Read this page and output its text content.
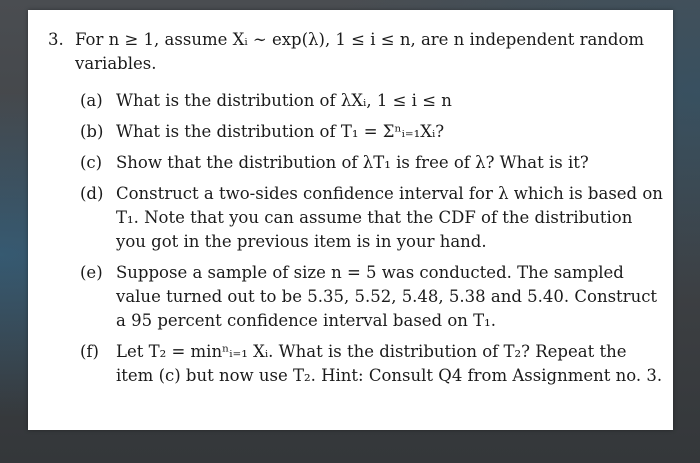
3. For n ≥ 1, assume Xᵢ ∼ exp(λ), 1 ≤ i ≤ n, are n independent random variables.
(a) What is the distribution of λXᵢ, 1 ≤ i ≤ n
(b) What is the distribution of T₁ = Σⁿᵢ₌₁Xᵢ?
(c) Show that the distribution of λT₁ is free of λ? What is it?
(d) Construct a two-sides confidence interval for λ which is based on T₁. Note that you can assume that the CDF of the distribution you got in the previous item is in your hand.
(e) Suppose a sample of size n = 5 was conducted. The sampled value turned out to be 5.35, 5.52, 5.48, 5.38 and 5.40. Construct a 95 percent confidence interval based on T₁.
(f) Let T₂ = minⁿᵢ₌₁ Xᵢ. What is the distribution of T₂? Repeat the item (c) but now use T₂. Hint: Consult Q4 from Assignment no. 3.
